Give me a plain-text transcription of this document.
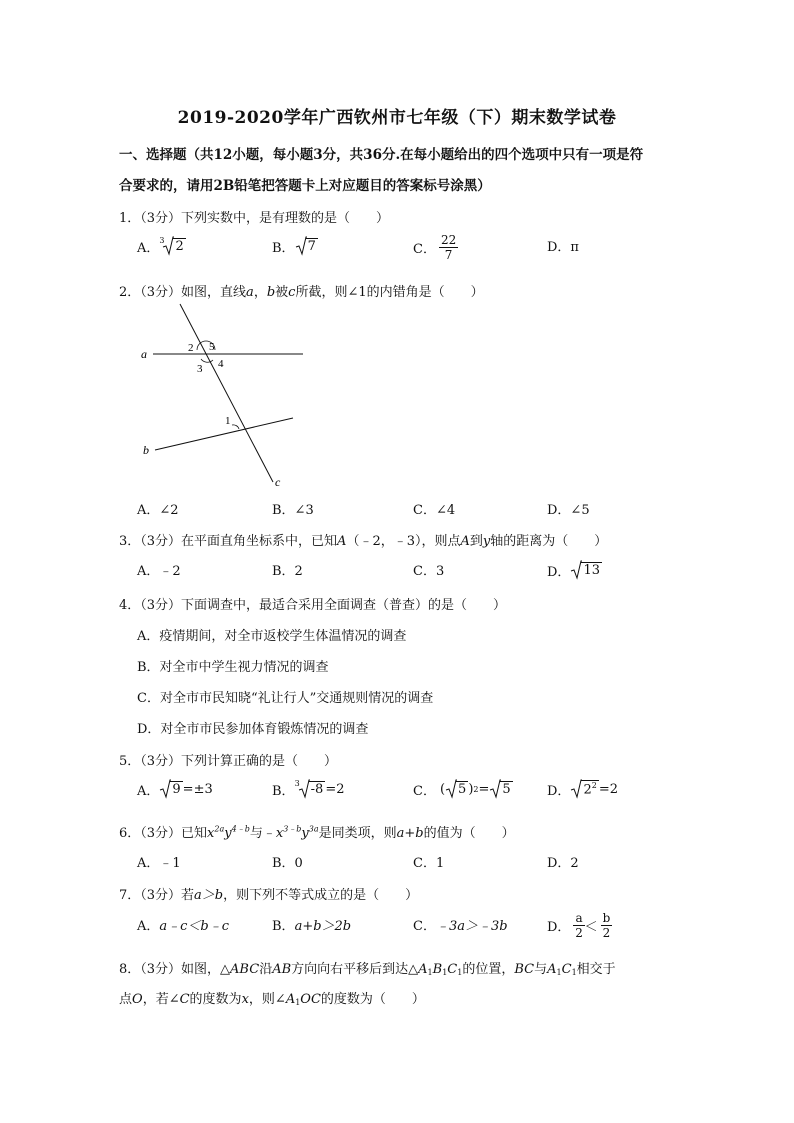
2019-2020学年广西钦州市七年级（下）期末数学试卷
一、选择题（共12小题，每小题3分，共36分.在每小题给出的四个选项中只有一项是符
合要求的，请用2B铅笔把答题卡上对应题目的答案标号涂黑）
1．（3分）下列实数中，是有理数的是（　　）
A．
3 2	B． 7	C． $\frac{22}{7}$	D．π
2．（3分）如图，直线a，b被c所截，则∠1的内错角是（　　）
a
b
c
2 5
3 4
1
A．∠2	B．∠3	C．∠4	D．∠5
3．（3分）在平面直角坐标系中，已知A（﹣2，﹣3），则点A到y轴的距离为（　　）
A．﹣2	B．2	C．3	D． 13
4．（3分）下面调查中，最适合采用全面调查（普查）的是（　　）
A．疫情期间，对全市返校学生体温情况的调查
B．对全市中学生视力情况的调查
C．对全市市民知晓“礼让行人”交通规则情况的调查
D．对全市市民参加体育锻炼情况的调查
5．（3分）下列计算正确的是（　　）
A． 9 =±3	B．
3 -8 =2	C． ( 5 ) 2 = 5	D． $2^2 =2$
6．（3分）已知$x^{2a}y^{4﹣b}$与$﹣x^{3﹣b}y^{3a}$是同类项，则a+b的值为（　　）
A．﹣1	B．0	C．1	D．2
7．（3分）若a＞b，则下列不等式成立的是（　　）
A． a﹣c＜b﹣c	B． a+b＞2b	C． ﹣3a＞﹣3b	D． $\frac{a}{2} < \frac{b}{2}$
8．（3分）如图，△ABC沿AB方向向右平移后到达$\triangle A_1B_1C_1$的位置，BC与$A_1C_1$相交于
点O，若∠C的度数为x，则$\angle A_1OC$的度数为（　　）
